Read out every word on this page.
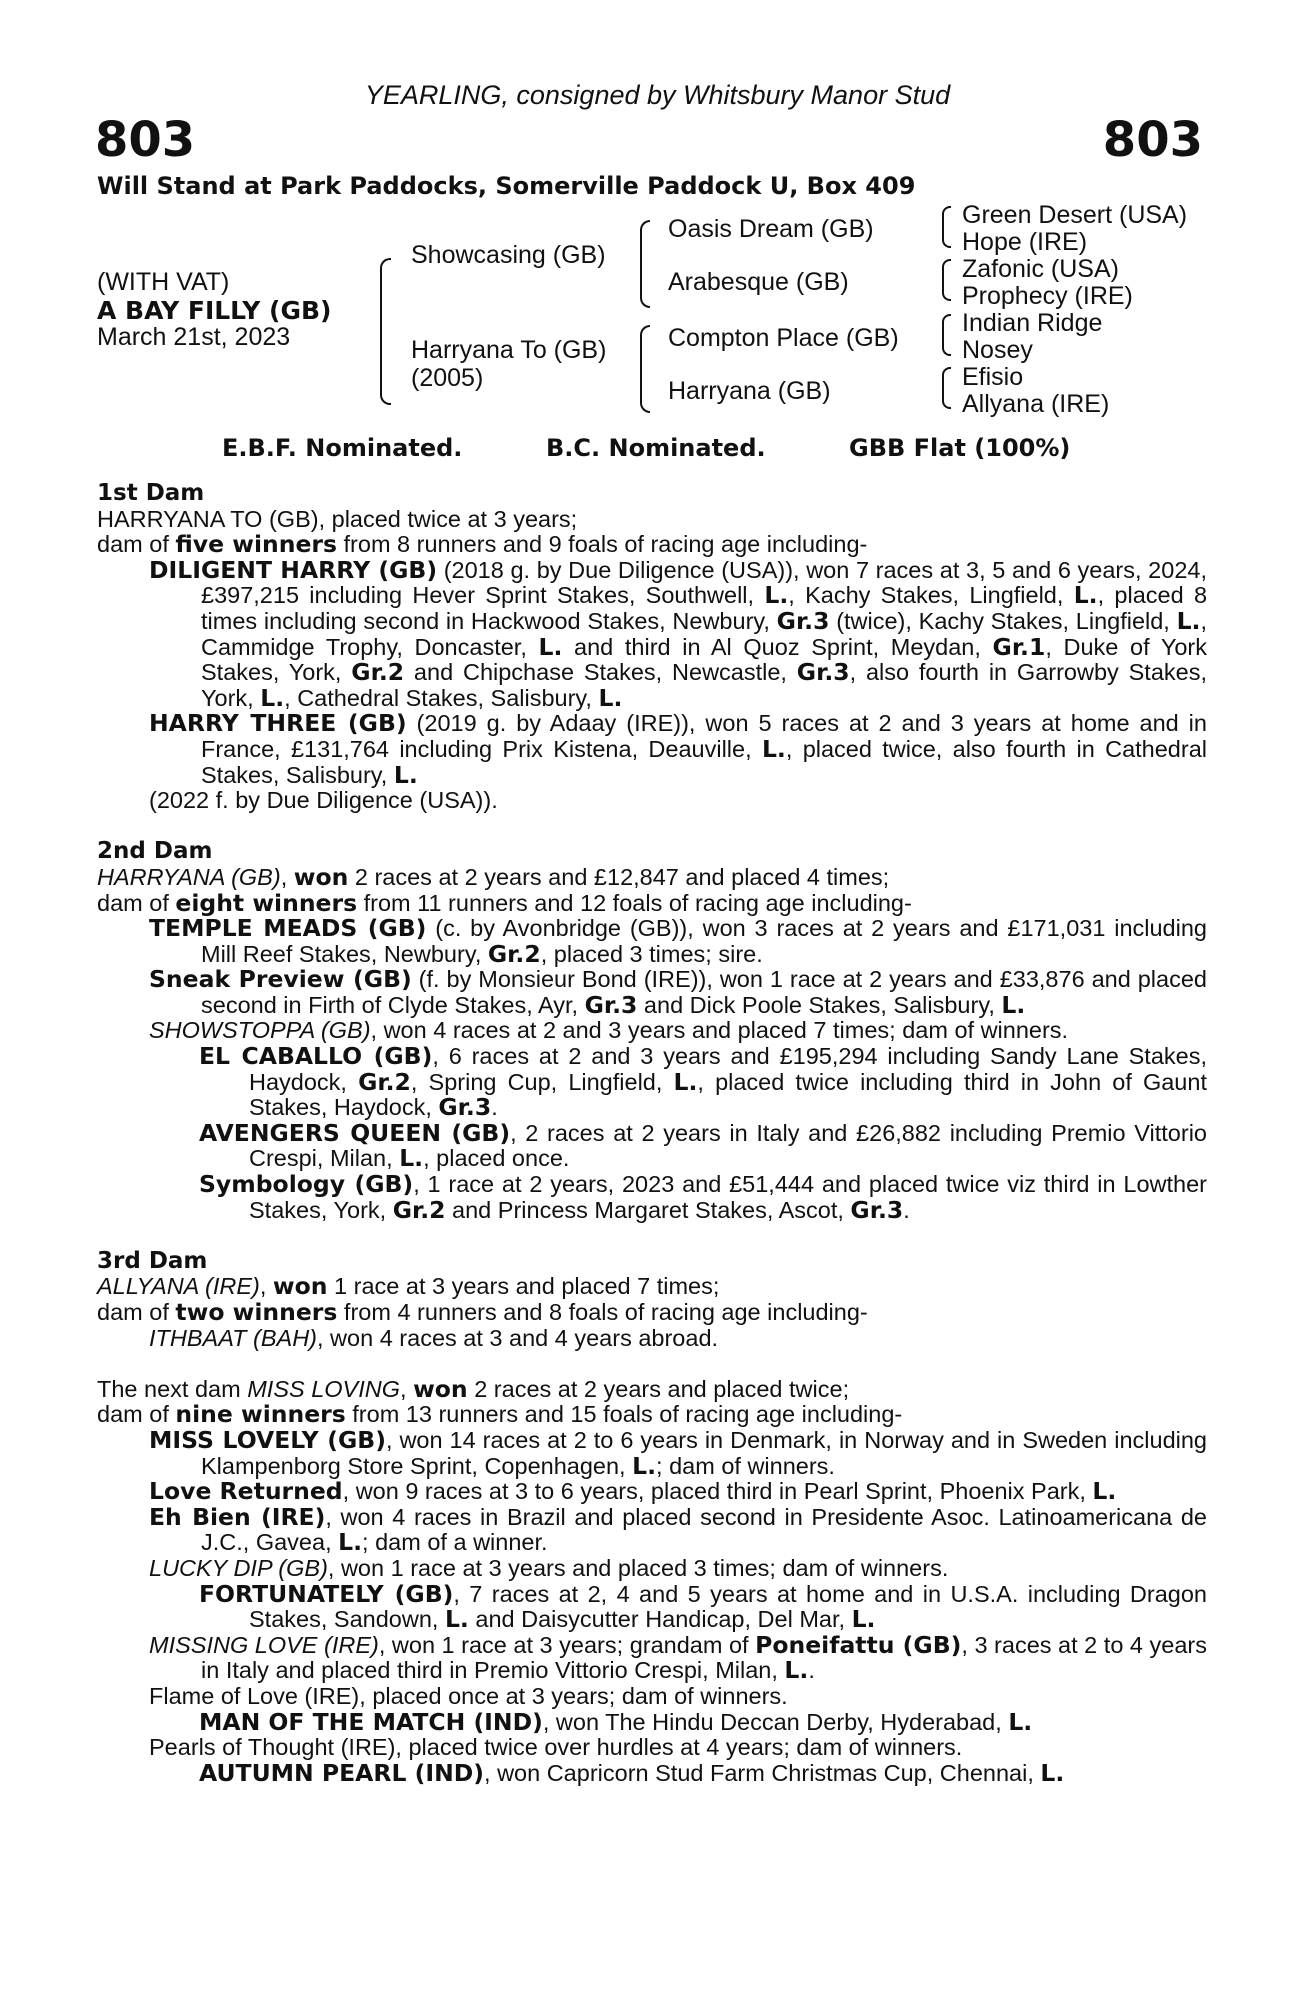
YEARLING, consigned by Whitsbury Manor Stud
803	803
Will Stand at Park Paddocks, Somerville Paddock U, Box 409
(WITH VAT)
A BAY FILLY (GB)
March 21st, 2023
Showcasing (GB)
Harryana To (GB)
(2005)
Oasis Dream (GB)
Arabesque (GB)
Compton Place (GB)
Harryana (GB)
Green Desert (USA)
Hope (IRE)
Zafonic (USA)
Prophecy (IRE)
Indian Ridge
Nosey
Efisio
Allyana (IRE)
E.B.F. Nominated.	B.C. Nominated.	GBB Flat (100%)
1st Dam
HARRYANA TO (GB), placed twice at 3 years;
dam of five winners from 8 runners and 9 foals of racing age including-
DILIGENT HARRY (GB) (2018 g. by Due Diligence (USA)), won 7 races at 3, 5 and 6 years, 2024, £397,215 including Hever Sprint Stakes, Southwell, L., Kachy Stakes, Lingfield, L., placed 8 times including second in Hackwood Stakes, Newbury, Gr.3 (twice), Kachy Stakes, Lingfield, L., Cammidge Trophy, Doncaster, L. and third in Al Quoz Sprint, Meydan, Gr.1, Duke of York Stakes, York, Gr.2 and Chipchase Stakes, Newcastle, Gr.3, also fourth in Garrowby Stakes, York, L., Cathedral Stakes, Salisbury, L.
HARRY THREE (GB) (2019 g. by Adaay (IRE)), won 5 races at 2 and 3 years at home and in France, £131,764 including Prix Kistena, Deauville, L., placed twice, also fourth in Cathedral Stakes, Salisbury, L.
(2022 f. by Due Diligence (USA)).
2nd Dam
HARRYANA (GB), won 2 races at 2 years and £12,847 and placed 4 times;
dam of eight winners from 11 runners and 12 foals of racing age including-
TEMPLE MEADS (GB) (c. by Avonbridge (GB)), won 3 races at 2 years and £171,031 including Mill Reef Stakes, Newbury, Gr.2, placed 3 times; sire.
Sneak Preview (GB) (f. by Monsieur Bond (IRE)), won 1 race at 2 years and £33,876 and placed second in Firth of Clyde Stakes, Ayr, Gr.3 and Dick Poole Stakes, Salisbury, L.
SHOWSTOPPA (GB), won 4 races at 2 and 3 years and placed 7 times; dam of winners.
EL CABALLO (GB), 6 races at 2 and 3 years and £195,294 including Sandy Lane Stakes, Haydock, Gr.2, Spring Cup, Lingfield, L., placed twice including third in John of Gaunt Stakes, Haydock, Gr.3.
AVENGERS QUEEN (GB), 2 races at 2 years in Italy and £26,882 including Premio Vittorio Crespi, Milan, L., placed once.
Symbology (GB), 1 race at 2 years, 2023 and £51,444 and placed twice viz third in Lowther Stakes, York, Gr.2 and Princess Margaret Stakes, Ascot, Gr.3.
3rd Dam
ALLYANA (IRE), won 1 race at 3 years and placed 7 times;
dam of two winners from 4 runners and 8 foals of racing age including-
ITHBAAT (BAH), won 4 races at 3 and 4 years abroad.
The next dam MISS LOVING, won 2 races at 2 years and placed twice;
dam of nine winners from 13 runners and 15 foals of racing age including-
MISS LOVELY (GB), won 14 races at 2 to 6 years in Denmark, in Norway and in Sweden including Klampenborg Store Sprint, Copenhagen, L.; dam of winners.
Love Returned, won 9 races at 3 to 6 years, placed third in Pearl Sprint, Phoenix Park, L.
Eh Bien (IRE), won 4 races in Brazil and placed second in Presidente Asoc. Latinoamericana de J.C., Gavea, L.; dam of a winner.
LUCKY DIP (GB), won 1 race at 3 years and placed 3 times; dam of winners.
FORTUNATELY (GB), 7 races at 2, 4 and 5 years at home and in U.S.A. including Dragon Stakes, Sandown, L. and Daisycutter Handicap, Del Mar, L.
MISSING LOVE (IRE), won 1 race at 3 years; grandam of Poneifattu (GB), 3 races at 2 to 4 years in Italy and placed third in Premio Vittorio Crespi, Milan, L..
Flame of Love (IRE), placed once at 3 years; dam of winners.
MAN OF THE MATCH (IND), won The Hindu Deccan Derby, Hyderabad, L.
Pearls of Thought (IRE), placed twice over hurdles at 4 years; dam of winners.
AUTUMN PEARL (IND), won Capricorn Stud Farm Christmas Cup, Chennai, L.
